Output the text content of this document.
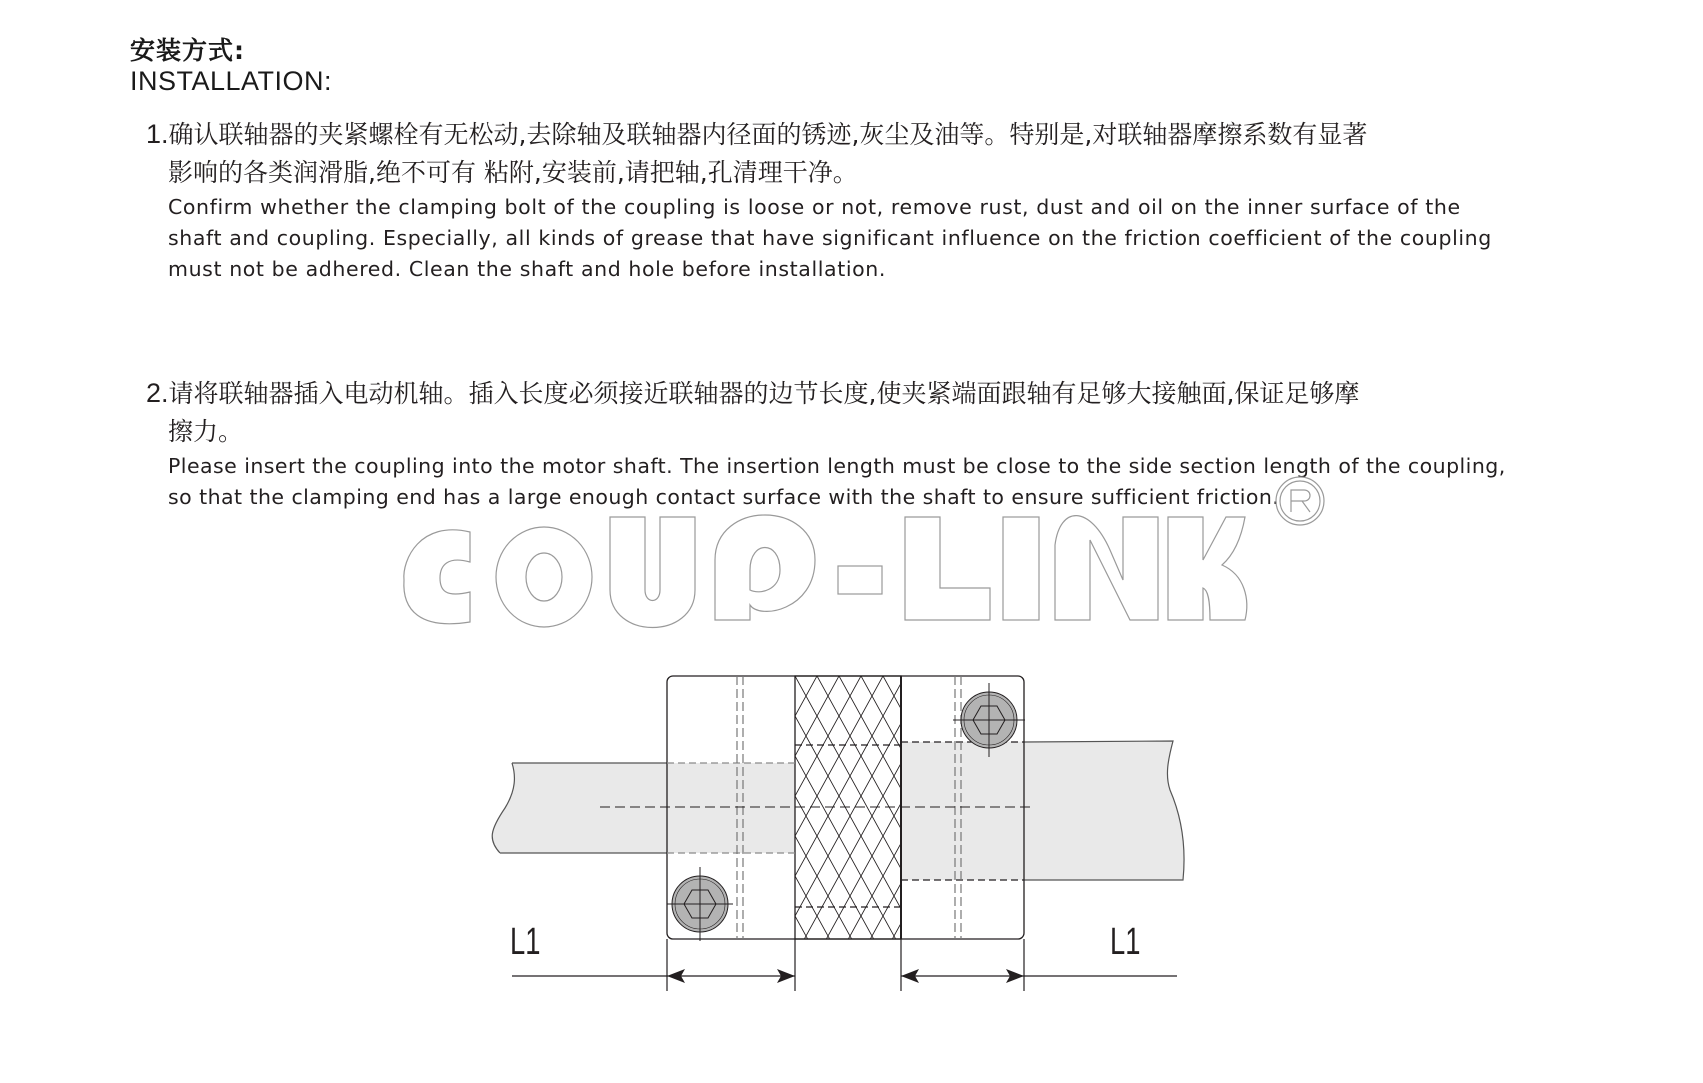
安装方式:
INSTALLATION:
1.确认联轴器的夹紧螺栓有无松动,去除轴及联轴器内径面的锈迹,灰尘及油等。特别是,对联轴器摩擦系数有显著
影响的各类润滑脂,绝不可有 粘附,安装前,请把轴,孔清理干净。
Confirm whether the clamping bolt of the coupling is loose or not, remove rust, dust and oil on the inner surface of the
shaft and coupling. Especially, all kinds of grease that have significant influence on the friction coefficient of the coupling
must not be adhered. Clean the shaft and hole before installation.
2.请将联轴器插入电动机轴。插入长度必须接近联轴器的边节长度,使夹紧端面跟轴有足够大接触面,保证足够摩
擦力。
Please insert the coupling into the motor shaft. The insertion length must be close to the side section length of the coupling,
so that the clamping end has a large enough contact surface with the shaft to ensure sufficient friction.
L1	L1
